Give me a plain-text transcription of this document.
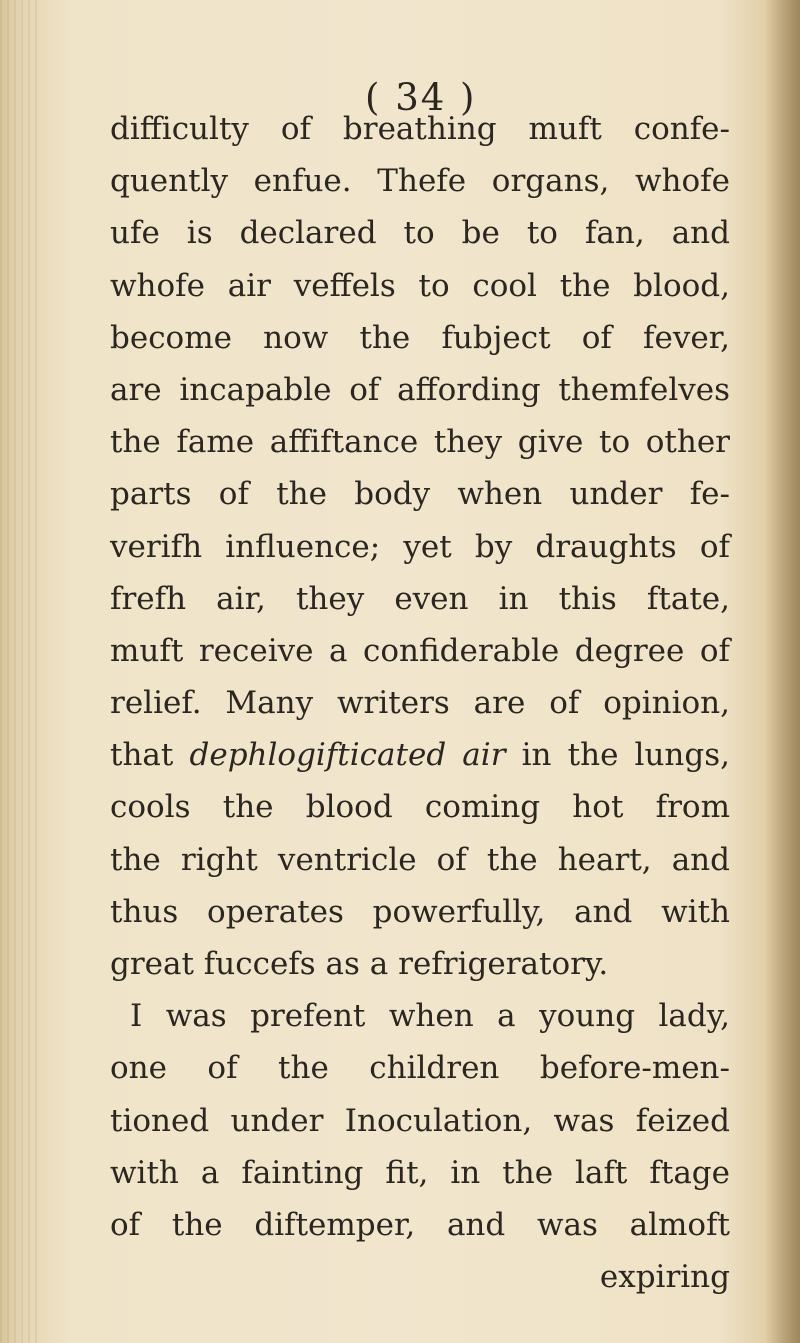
( 34 )
difficulty of breathing muft confe-
quently enfue. Thefe organs, whofe
ufe is declared to be to fan, and
whofe air veffels to cool the blood,
become now the fubject of fever,
are incapable of affording themfelves
the fame affiftance they give to other
parts of the body when under fe-
verifh influence; yet by draughts of
frefh air, they even in this ftate,
muft receive a confiderable degree of
relief. Many writers are of opinion,
that dephlogifticated air in the lungs,
cools the blood coming hot from
the right ventricle of the heart, and
thus operates powerfully, and with
great fuccefs as a refrigeratory.
I was prefent when a young lady,
one of the children before-men-
tioned under Inoculation, was feized
with a fainting fit, in the laft ftage
of the diftemper, and was almoft
expiring
